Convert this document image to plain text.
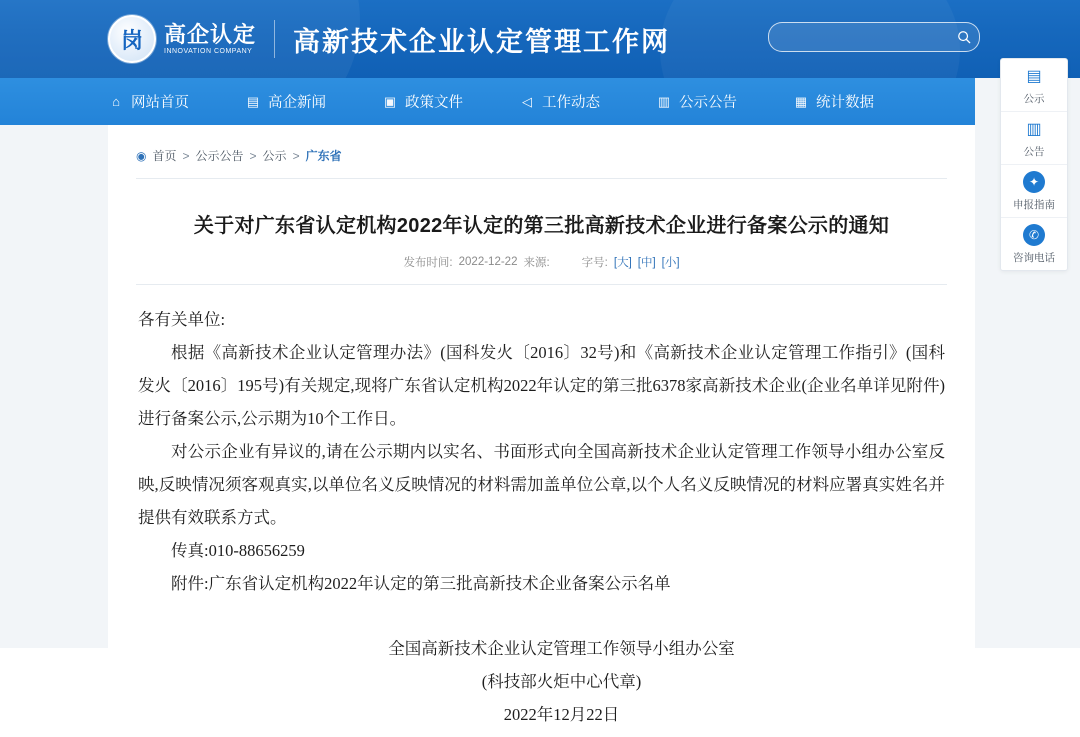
岗 高企认定
INNOVATION COMPANY 高新技术企业认定管理工作网
⌂ 网站首页	▤ 高企新闻	▣ 政策文件	◁ 工作动态	▥ 公示公告	▦ 统计数据
◉ 首页 > 公示公告 > 公示 > 广东省
关于对广东省认定机构2022年认定的第三批高新技术企业进行备案公示的通知
发布时间: 2022-12-22 来源:	字号: [大] [中] [小]

各有关单位:

根据《高新技术企业认定管理办法》(国科发火〔2016〕32号)和《高新技术企业认定管理工作指引》(国科发火〔2016〕195号)有关规定,现将广东省认定机构2022年认定的第三批6378家高新技术企业(企业名单详见附件)进行备案公示,公示期为10个工作日。

对公示企业有异议的,请在公示期内以实名、书面形式向全国高新技术企业认定管理工作领导小组办公室反映,反映情况须客观真实,以单位名义反映情况的材料需加盖单位公章,以个人名义反映情况的材料应署真实姓名并提供有效联系方式。

传真:010-88656259

附件:广东省认定机构2022年认定的第三批高新技术企业备案公示名单

全国高新技术企业认定管理工作领导小组办公室
(科技部火炬中心代章)
2022年12月22日
▤
公示
▥
公告
✦
申报指南
✆
咨询电话
